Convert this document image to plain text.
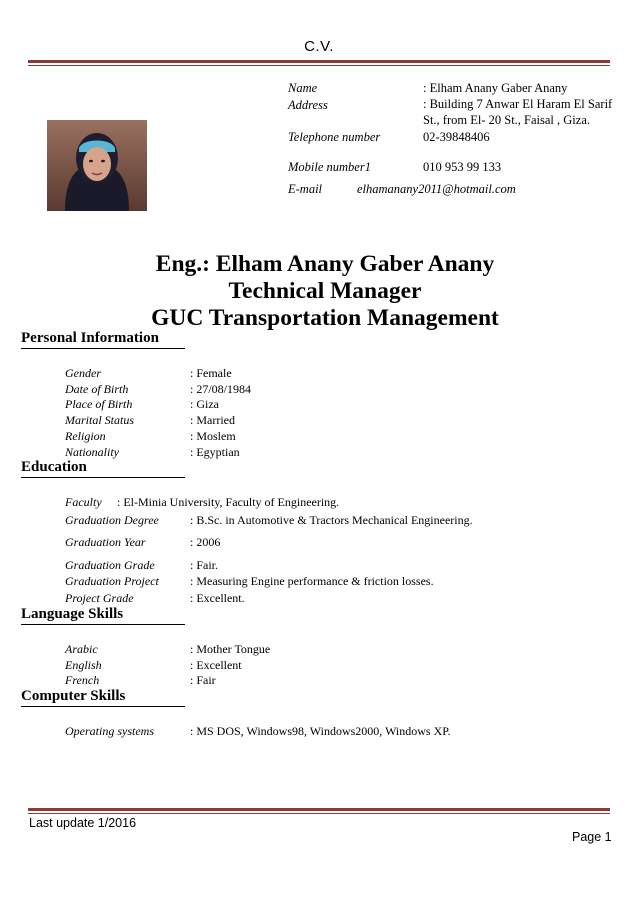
C.V.
Name	: Elham Anany Gaber Anany
Address	: Building 7 Anwar El Haram El Sarif
St., from El- 20 St., Faisal , Giza.
Telephone number	02-39848406
Mobile number1	010 953 99 133
E-mail	elhamanany2011@hotmail.com
Eng.: Elham Anany Gaber Anany
Technical Manager
GUC Transportation Management
Personal Information
Gender	: Female
Date of Birth	: 27/08/1984
Place of Birth	: Giza
Marital Status	: Married
Religion	: Moslem
Nationality	: Egyptian
Education
Faculty : El-Minia University, Faculty of Engineering.
Graduation Degree	: B.Sc. in Automotive & Tractors Mechanical Engineering.
Graduation Year	: 2006
Graduation Grade	: Fair.
Graduation Project	: Measuring Engine performance & friction losses.
Project Grade	: Excellent.
Language Skills
Arabic	: Mother Tongue
English	: Excellent
French	: Fair
Computer Skills
Operating systems	: MS DOS, Windows98, Windows2000, Windows XP.
Last update 1/2016
Page 1
